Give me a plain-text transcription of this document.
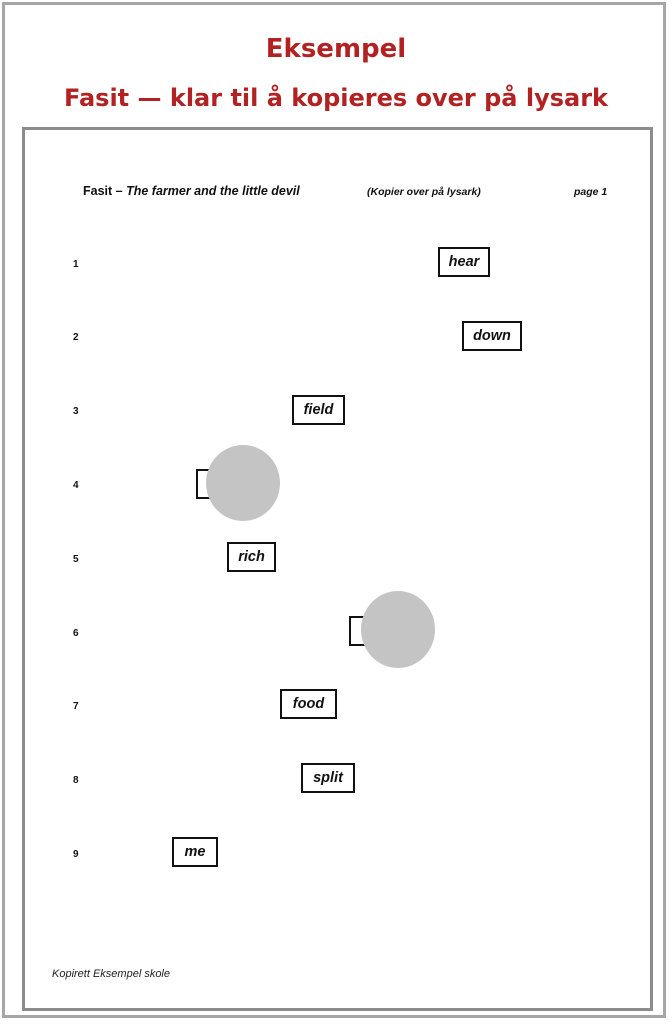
Eksempel
Fasit — klar til å kopieres over på lysark
Fasit – The farmer and the little devil	(Kopier over på lysark)	page 1
1	hear
2	down
3	field
4
5	rich
6
7	food
8	split
9	me
Kopirett Eksempel skole
